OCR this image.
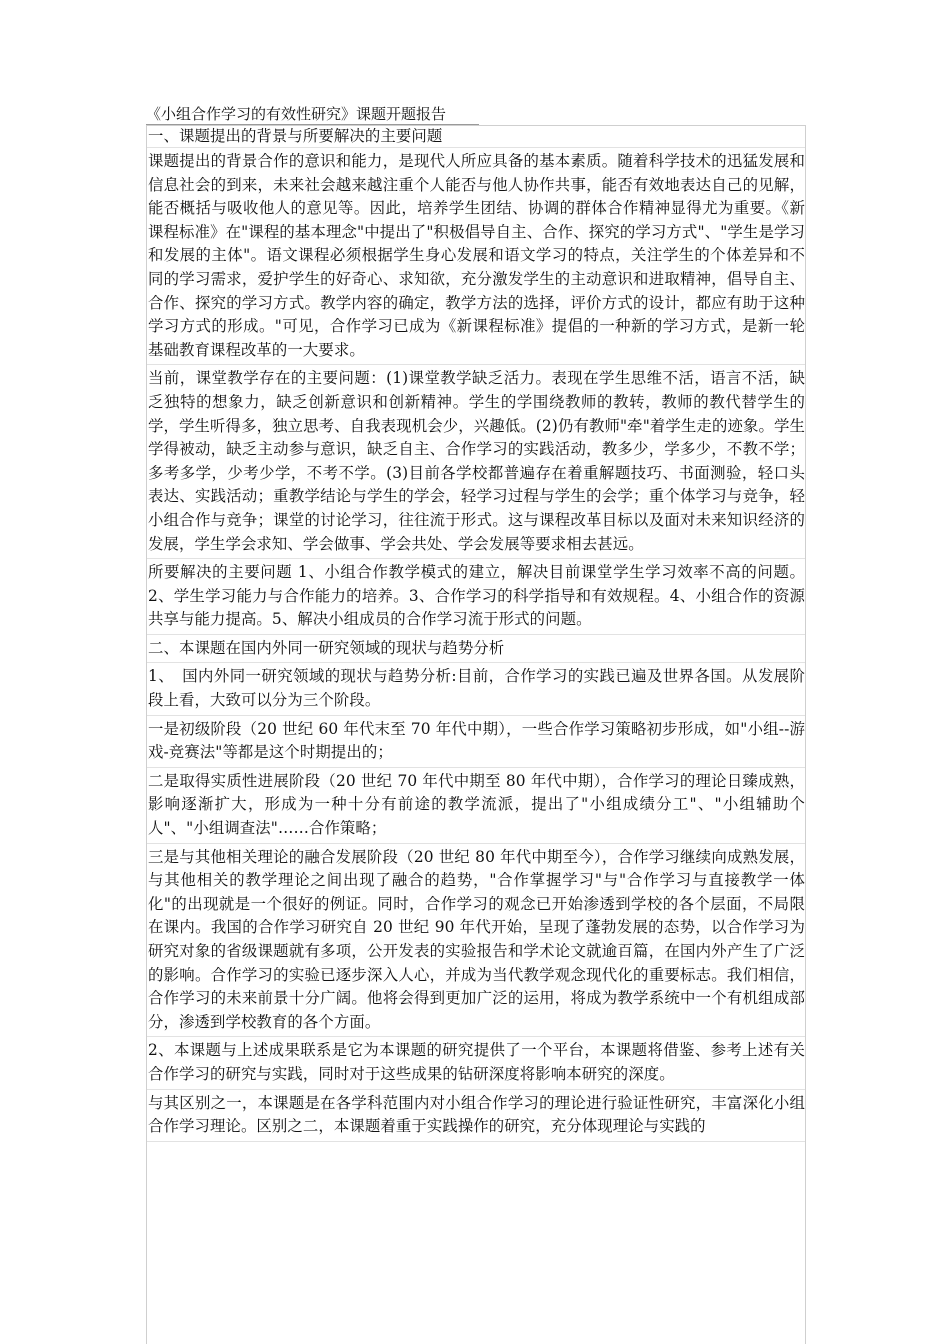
《小组合作学习的有效性研究》课题开题报告

一、课题提出的背景与所要解决的主要问题

课题提出的背景合作的意识和能力，是现代人所应具备的基本素质。随着科学技术的迅猛发展和信息社会的到来，未来社会越来越注重个人能否与他人协作共事，能否有效地表达自己的见解，能否概括与吸收他人的意见等。因此，培养学生团结、协调的群体合作精神显得尤为重要。《新课程标准》在"课程的基本理念"中提出了"积极倡导自主、合作、探究的学习方式"、"学生是学习和发展的主体"。语文课程必须根据学生身心发展和语文学习的特点，关注学生的个体差异和不同的学习需求，爱护学生的好奇心、求知欲，充分激发学生的主动意识和进取精神，倡导自主、合作、探究的学习方式。教学内容的确定，教学方法的选择，评价方式的设计，都应有助于这种学习方式的形成。"可见，合作学习已成为《新课程标准》提倡的一种新的学习方式，是新一轮基础教育课程改革的一大要求。

当前，课堂教学存在的主要问题：(1)课堂教学缺乏活力。表现在学生思维不活，语言不活，缺乏独特的想象力，缺乏创新意识和创新精神。学生的学围绕教师的教转，教师的教代替学生的学，学生听得多，独立思考、自我表现机会少，兴趣低。(2)仍有教师"牵"着学生走的迹象。学生学得被动，缺乏主动参与意识，缺乏自主、合作学习的实践活动，教多少，学多少，不教不学；多考多学，少考少学，不考不学。(3)目前各学校都普遍存在着重解题技巧、书面测验，轻口头表达、实践活动；重教学结论与学生的学会，轻学习过程与学生的会学；重个体学习与竞争，轻小组合作与竞争；课堂的讨论学习，往往流于形式。这与课程改革目标以及面对未来知识经济的发展，学生学会求知、学会做事、学会共处、学会发展等要求相去甚远。

所要解决的主要问题 1、小组合作教学模式的建立，解决目前课堂学生学习效率不高的问题。2、学生学习能力与合作能力的培养。3、合作学习的科学指导和有效规程。4、小组合作的资源共享与能力提高。5、解决小组成员的合作学习流于形式的问题。

二、本课题在国内外同一研究领域的现状与趋势分析

1、　国内外同一研究领域的现状与趋势分析:目前，合作学习的实践已遍及世界各国。从发展阶段上看，大致可以分为三个阶段。

一是初级阶段（20 世纪 60 年代末至 70 年代中期），一些合作学习策略初步形成，如"小组--游戏-竞赛法"等都是这个时期提出的；

二是取得实质性进展阶段（20 世纪 70 年代中期至 80 年代中期），合作学习的理论日臻成熟，影响逐渐扩大，形成为一种十分有前途的教学流派，提出了"小组成绩分工"、"小组辅助个人"、"小组调查法"……合作策略；

三是与其他相关理论的融合发展阶段（20 世纪 80 年代中期至今），合作学习继续向成熟发展，与其他相关的教学理论之间出现了融合的趋势，"合作掌握学习"与"合作学习与直接教学一体化"的出现就是一个很好的例证。同时，合作学习的观念已开始渗透到学校的各个层面，不局限在课内。我国的合作学习研究自 20 世纪 90 年代开始，呈现了蓬勃发展的态势，以合作学习为研究对象的省级课题就有多项，公开发表的实验报告和学术论文就逾百篇，在国内外产生了广泛的影响。合作学习的实验已逐步深入人心，并成为当代教学观念现代化的重要标志。我们相信，合作学习的未来前景十分广阔。他将会得到更加广泛的运用，将成为教学系统中一个有机组成部分，渗透到学校教育的各个方面。

2、本课题与上述成果联系是它为本课题的研究提供了一个平台，本课题将借鉴、参考上述有关合作学习的研究与实践，同时对于这些成果的钻研深度将影响本研究的深度。

与其区别之一，本课题是在各学科范围内对小组合作学习的理论进行验证性研究，丰富深化小组合作学习理论。区别之二，本课题着重于实践操作的研究，充分体现理论与实践的
